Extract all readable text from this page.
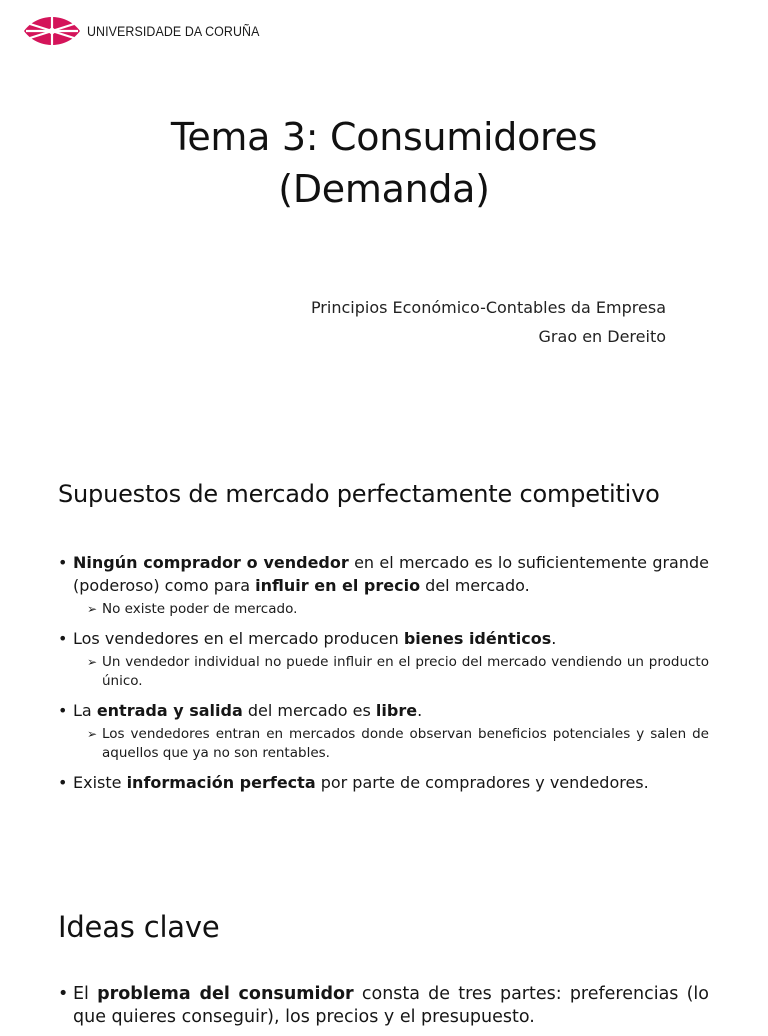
UNIVERSIDADE DA CORUÑA
Tema 3: Consumidores
(Demanda)
Principios Económico-Contables da Empresa
Grao en Dereito
Supuestos de mercado perfectamente competitivo
• Ningún comprador o vendedor en el mercado es lo suficientemente grande (poderoso) como para influir en el precio del mercado.
➢ No existe poder de mercado.
• Los vendedores en el mercado producen bienes idénticos.
➢ Un vendedor individual no puede influir en el precio del mercado vendiendo un producto único.
• La entrada y salida del mercado es libre.
➢ Los vendedores entran en mercados donde observan beneficios potenciales y salen de aquellos que ya no son rentables.
• Existe información perfecta por parte de compradores y vendedores.
Ideas clave
• El problema del consumidor consta de tres partes: preferencias (lo que quieres conseguir), los precios y el presupuesto.
